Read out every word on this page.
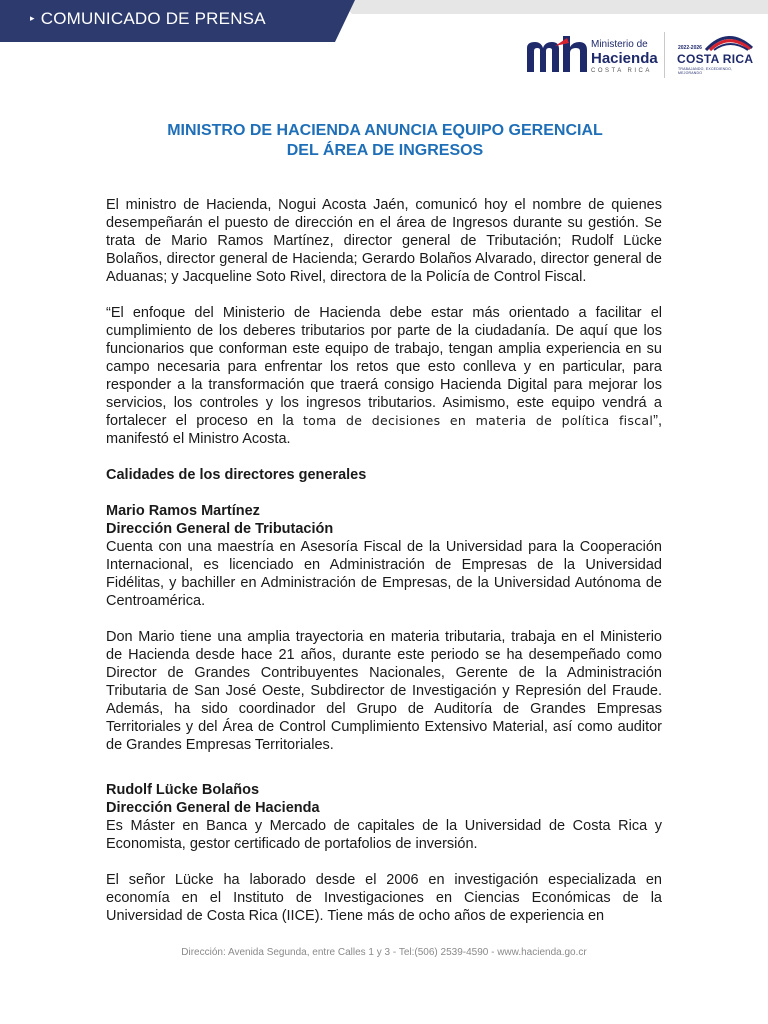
▸ COMUNICADO DE PRENSA
Ministerio de
Hacienda
COSTA RICA
2022-2026
COSTA RICA
TRABAJANDO, EXCEDIENDO, MEJORANDO
MINISTRO DE HACIENDA ANUNCIA EQUIPO GERENCIAL
DEL ÁREA DE INGRESOS

El ministro de Hacienda, Nogui Acosta Jaén, comunicó hoy el nombre de quienes desempeñarán el puesto de dirección en el área de Ingresos durante su gestión. Se trata de Mario Ramos Martínez, director general de Tributación; Rudolf Lücke Bolaños, director general de Hacienda; Gerardo Bolaños Alvarado, director general de Aduanas; y Jacqueline Soto Rivel, directora de la Policía de Control Fiscal.

“El enfoque del Ministerio de Hacienda debe estar más orientado a facilitar el cumplimiento de los deberes tributarios por parte de la ciudadanía. De aquí que los funcionarios que conforman este equipo de trabajo, tengan amplia experiencia en su campo necesaria para enfrentar los retos que esto conlleva y en particular, para responder a la transformación que traerá consigo Hacienda Digital para mejorar los servicios, los controles y los ingresos tributarios. Asimismo, este equipo vendrá a fortalecer el proceso en la toma de decisiones en materia de política fiscal”, manifestó el Ministro Acosta.

Calidades de los directores generales

Mario Ramos Martínez

Dirección General de Tributación

Cuenta con una maestría en Asesoría Fiscal de la Universidad para la Cooperación Internacional, es licenciado en Administración de Empresas de la Universidad Fidélitas, y bachiller en Administración de Empresas, de la Universidad Autónoma de Centroamérica.

Don Mario tiene una amplia trayectoria en materia tributaria, trabaja en el Ministerio de Hacienda desde hace 21 años, durante este periodo se ha desempeñado como Director de Grandes Contribuyentes Nacionales, Gerente de la Administración Tributaria de San José Oeste, Subdirector de Investigación y Represión del Fraude. Además, ha sido coordinador del Grupo de Auditoría de Grandes Empresas Territoriales y del Área de Control Cumplimiento Extensivo Material, así como auditor de Grandes Empresas Territoriales.

Rudolf Lücke Bolaños

Dirección General de Hacienda

Es Máster en Banca y Mercado de capitales de la Universidad de Costa Rica y Economista, gestor certificado de portafolios de inversión.

El señor Lücke ha laborado desde el 2006 en investigación especializada en economía en el Instituto de Investigaciones en Ciencias Económicas de la Universidad de Costa Rica (IICE). Tiene más de ocho años de experiencia en

Dirección: Avenida Segunda, entre Calles 1 y 3 - Tel:(506) 2539-4590 - www.hacienda.go.cr
